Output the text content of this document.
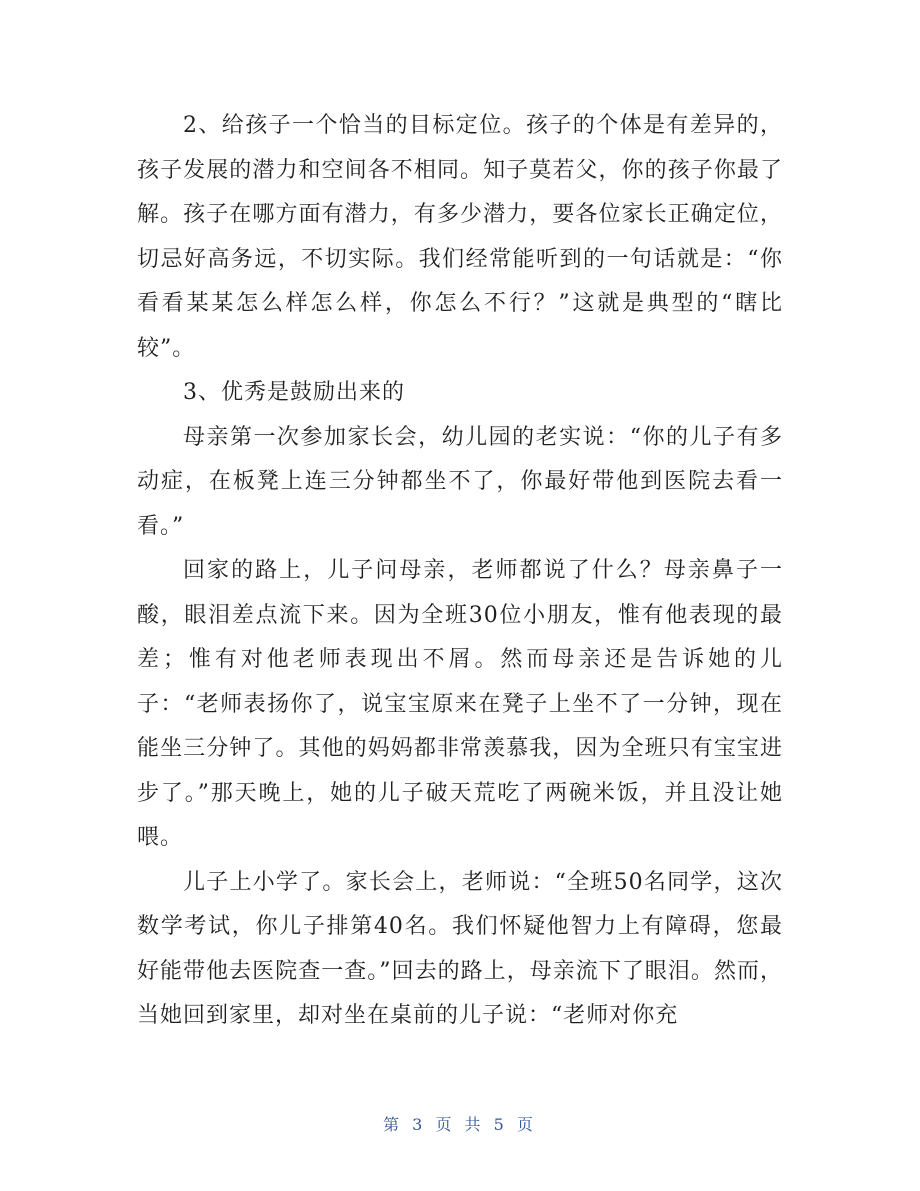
2、给孩子一个恰当的目标定位。孩子的个体是有差异的，孩子发展的潜力和空间各不相同。知子莫若父，你的孩子你最了解。孩子在哪方面有潜力，有多少潜力，要各位家长正确定位，切忌好高务远，不切实际。我们经常能听到的一句话就是：“你看看某某怎么样怎么样，你怎么不行？”这就是典型的“瞎比较”。

3、优秀是鼓励出来的

母亲第一次参加家长会，幼儿园的老实说：“你的儿子有多动症，在板凳上连三分钟都坐不了，你最好带他到医院去看一看。”

回家的路上，儿子问母亲，老师都说了什么？母亲鼻子一酸，眼泪差点流下来。因为全班30位小朋友，惟有他表现的最差；惟有对他老师表现出不屑。然而母亲还是告诉她的儿子：“老师表扬你了，说宝宝原来在凳子上坐不了一分钟，现在能坐三分钟了。其他的妈妈都非常羡慕我，因为全班只有宝宝进步了。”那天晚上，她的儿子破天荒吃了两碗米饭，并且没让她喂。

儿子上小学了。家长会上，老师说：“全班50名同学，这次数学考试，你儿子排第40名。我们怀疑他智力上有障碍，您最好能带他去医院查一查。”回去的路上，母亲流下了眼泪。然而，当她回到家里，却对坐在桌前的儿子说：“老师对你充

第 3 页 共 5 页
